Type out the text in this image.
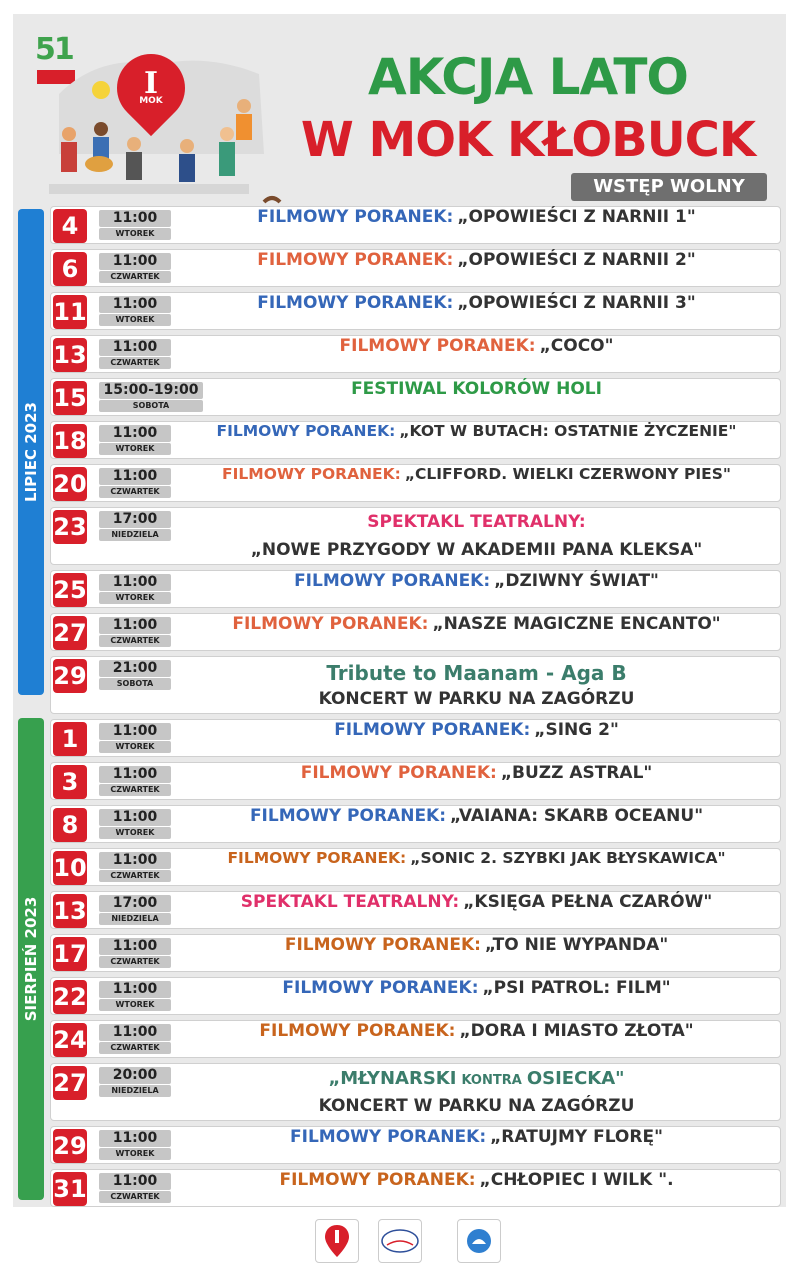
51
I
MOK	AKCJA LATO
W MOK KŁOBUCK
WSTĘP WOLNY
LIPIEC 2023
SIERPIEŃ 2023
4	11:00
WTOREK
FILMOWY PORANEK: „OPOWIEŚCI Z NARNII 1"
6	11:00
CZWARTEK
FILMOWY PORANEK: „OPOWIEŚCI Z NARNII 2"
11	11:00
WTOREK
FILMOWY PORANEK: „OPOWIEŚCI Z NARNII 3"
13	11:00
CZWARTEK
FILMOWY PORANEK: „COCO"
15	15:00-19:00
SOBOTA
FESTIWAL KOLORÓW HOLI
18	11:00
WTOREK
FILMOWY PORANEK: „KOT W BUTACH: OSTATNIE ŻYCZENIE"
20	11:00
CZWARTEK
FILMOWY PORANEK: „CLIFFORD. WIELKI CZERWONY PIES"
23	17:00
NIEDZIELA
SPEKTAKL TEATRALNY:
„NOWE PRZYGODY W AKADEMII PANA KLEKSA"
25	11:00
WTOREK
FILMOWY PORANEK: „DZIWNY ŚWIAT"
27	11:00
CZWARTEK
FILMOWY PORANEK: „NASZE MAGICZNE ENCANTO"
29	21:00
SOBOTA	Tribute to Maanam - Aga B
KONCERT W PARKU NA ZAGÓRZU
1	11:00
WTOREK
FILMOWY PORANEK: „SING 2"
3	11:00
CZWARTEK
FILMOWY PORANEK: „BUZZ ASTRAL"
8	11:00
WTOREK
FILMOWY PORANEK: „VAIANA: SKARB OCEANU"
10	11:00
CZWARTEK
FILMOWY PORANEK: „SONIC 2. SZYBKI JAK BŁYSKAWICA"
13	17:00
NIEDZIELA
SPEKTAKL TEATRALNY: „KSIĘGA PEŁNA CZARÓW"
17	11:00
CZWARTEK
FILMOWY PORANEK: „TO NIE WYPANDA"
22	11:00
WTOREK
FILMOWY PORANEK: „PSI PATROL: FILM"
24	11:00
CZWARTEK
FILMOWY PORANEK: „DORA I MIASTO ZŁOTA"
27	20:00
NIEDZIELA
„MŁYNARSKI KONTRA OSIECKA"
KONCERT W PARKU NA ZAGÓRZU
29	11:00
WTOREK
FILMOWY PORANEK: „RATUJMY FLORĘ"
31	11:00
CZWARTEK
FILMOWY PORANEK: „CHŁOPIEC I WILK ".
